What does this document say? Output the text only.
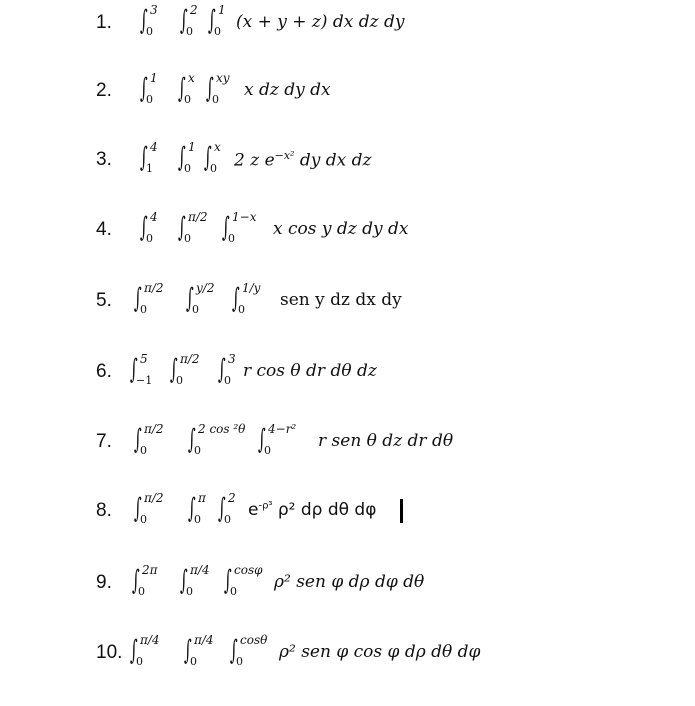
1. ∫ 3
0 ∫ 2
0 ∫ 1
0 (x + y + z) dx dz dy
2. ∫ 1
0 ∫ x
0 ∫ xy
0 x dz dy dx
3. ∫ 4
1 ∫ 1
0 ∫ x
0 2 z $e^{-x^2}$ dy dx dz
4. ∫ 4
0 ∫ π/2
0 ∫ 1−x
0 x cos y dz dy dx
5. ∫ π/2
0 ∫ y/2
0 ∫ 1/y
0 sen y dz dx dy
6. ∫ 5
−1 ∫ π/2
0 ∫ 3
0 r cos θ dr dθ dz
7. ∫ π/2
0 ∫ 2 cos ²θ
0 ∫ 4−r²
0	r sen θ dz dr dθ
8. ∫ π/2
0 ∫ π
0 ∫ 2
0 $e^{-\rho^3}$ ρ² dρ dθ dφ
9. ∫ 2π
0 ∫ π/4
0 ∫ cosφ
0 ρ² sen φ dρ dφ dθ
10. ∫ π/4
0 ∫ π/4
0 ∫ cosθ
0 ρ² sen φ cos φ dρ dθ dφ
